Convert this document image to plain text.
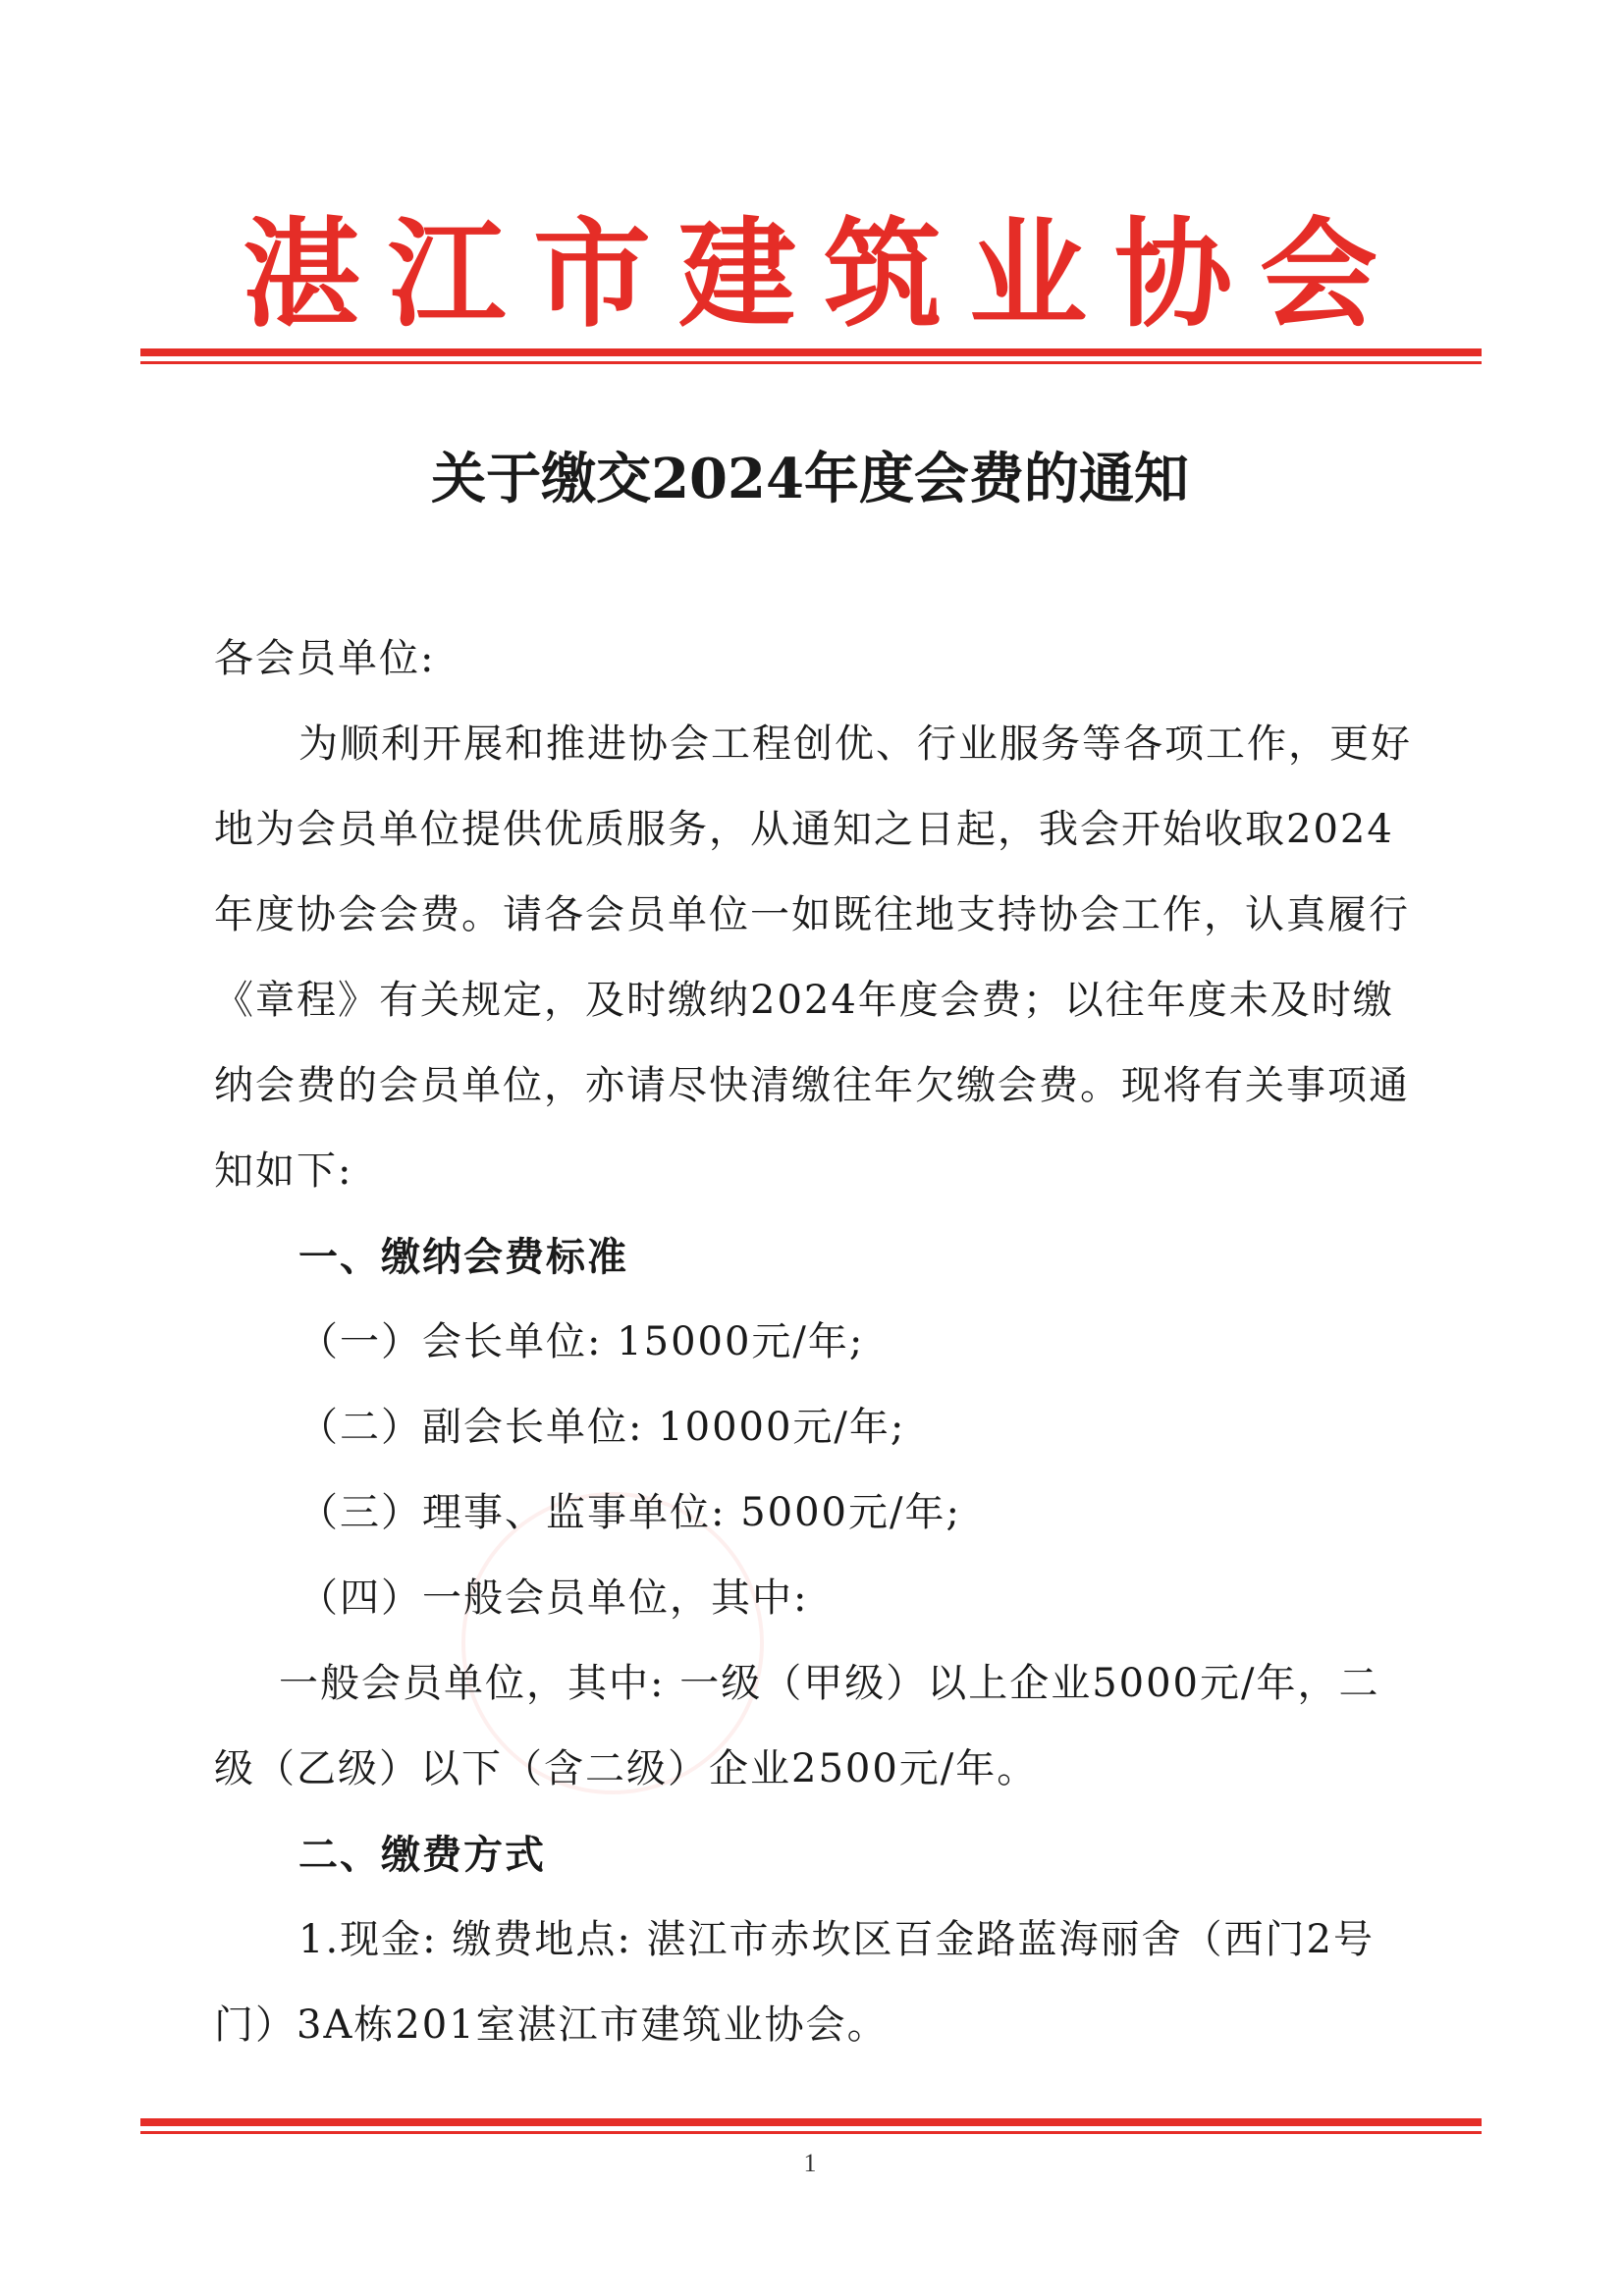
湛江市建筑业协会
关于缴交2024年度会费的通知

各会员单位:

为顺利开展和推进协会工程创优、行业服务等各项工作，更好地为会员单位提供优质服务，从通知之日起，我会开始收取2024年度协会会费。请各会员单位一如既往地支持协会工作，认真履行《章程》有关规定，及时缴纳2024年度会费；以往年度未及时缴纳会费的会员单位，亦请尽快清缴往年欠缴会费。现将有关事项通知如下:

一、缴纳会费标准

（一）会长单位: 15000元/年;

（二）副会长单位: 10000元/年;

（三）理事、监事单位: 5000元/年;

（四）一般会员单位，其中:

一般会员单位，其中: 一级（甲级）以上企业5000元/年，二级（乙级）以下（含二级）企业2500元/年。

二、缴费方式

1.现金: 缴费地点: 湛江市赤坎区百金路蓝海丽舍（西门2号门）3A栋201室湛江市建筑业协会。

1
